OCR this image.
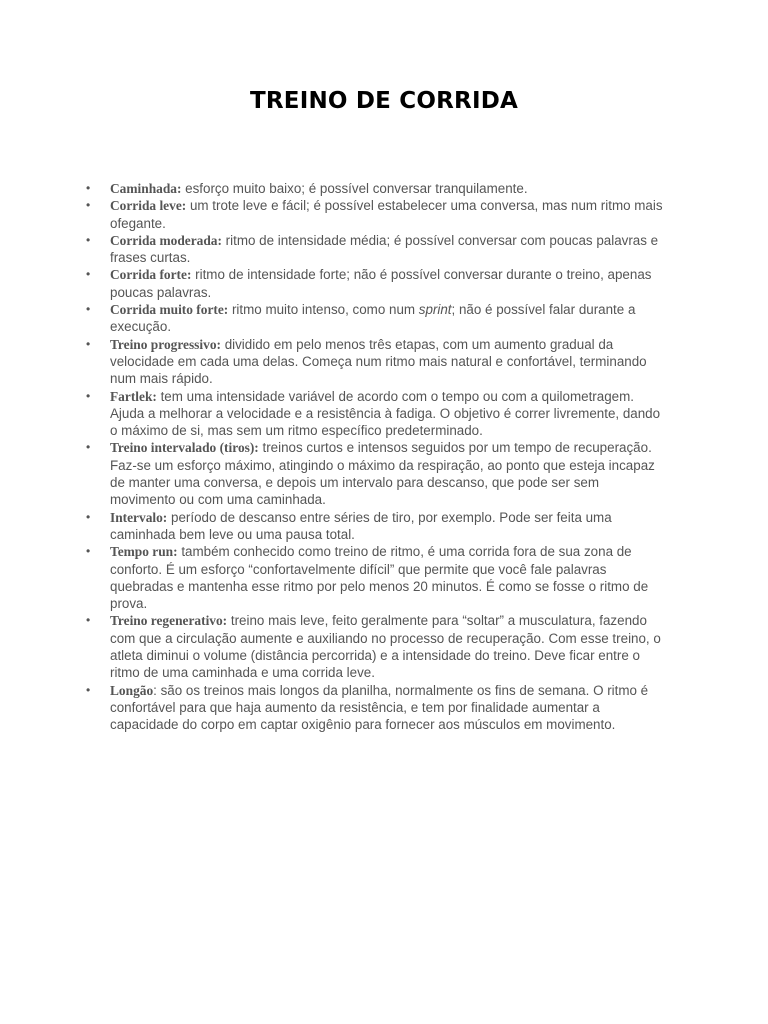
TREINO DE CORRIDA
•	Caminhada: esforço muito baixo; é possível conversar tranquilamente.
•	Corrida leve: um trote leve e fácil; é possível estabelecer uma conversa, mas num ritmo mais ofegante.
•	Corrida moderada: ritmo de intensidade média; é possível conversar com poucas palavras e frases curtas.
•	Corrida forte: ritmo de intensidade forte; não é possível conversar durante o treino, apenas poucas palavras.
•	Corrida muito forte: ritmo muito intenso, como num sprint; não é possível falar durante a execução.
•	Treino progressivo: dividido em pelo menos três etapas, com um aumento gradual da velocidade em cada uma delas. Começa num ritmo mais natural e confortável, terminando num mais rápido.
•	Fartlek: tem uma intensidade variável de acordo com o tempo ou com a quilometragem. Ajuda a melhorar a velocidade e a resistência à fadiga. O objetivo é correr livremente, dando o máximo de si, mas sem um ritmo específico predeterminado.
•	Treino intervalado (tiros): treinos curtos e intensos seguidos por um tempo de recuperação. Faz-se um esforço máximo, atingindo o máximo da respiração, ao ponto que esteja incapaz de manter uma conversa, e depois um intervalo para descanso, que pode ser sem movimento ou com uma caminhada.
•	Intervalo: período de descanso entre séries de tiro, por exemplo. Pode ser feita uma caminhada bem leve ou uma pausa total.
•	Tempo run: também conhecido como treino de ritmo, é uma corrida fora de sua zona de conforto. É um esforço “confortavelmente difícil” que permite que você fale palavras quebradas e mantenha esse ritmo por pelo menos 20 minutos. É como se fosse o ritmo de prova.
•	Treino regenerativo: treino mais leve, feito geralmente para “soltar” a musculatura, fazendo com que a circulação aumente e auxiliando no processo de recuperação. Com esse treino, o atleta diminui o volume (distância percorrida) e a intensidade do treino. Deve ficar entre o ritmo de uma caminhada e uma corrida leve.
•	Longão: são os treinos mais longos da planilha, normalmente os fins de semana. O ritmo é confortável para que haja aumento da resistência, e tem por finalidade aumentar a capacidade do corpo em captar oxigênio para fornecer aos músculos em movimento.
